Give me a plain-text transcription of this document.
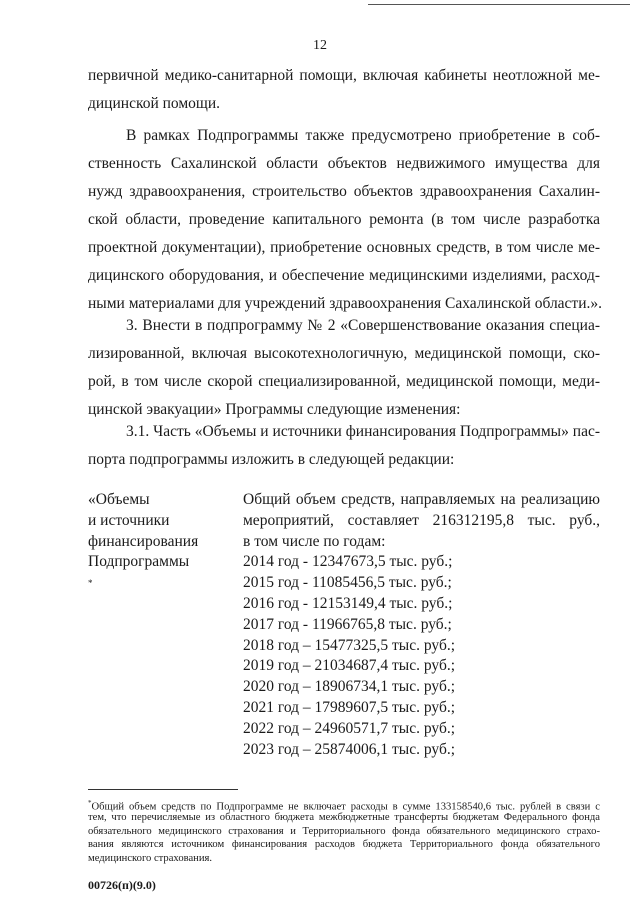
12
первичной медико-санитарной помощи, включая кабинеты неотложной ме-
дицинской помощи.
В рамках Подпрограммы также предусмотрено приобретение в соб-
ственность Сахалинской области объектов недвижимого имущества для
нужд здравоохранения, строительство объектов здравоохранения Сахалин-
ской области, проведение капитального ремонта (в том числе разработка
проектной документации), приобретение основных средств, в том числе ме-
дицинского оборудования, и обеспечение медицинскими изделиями, расход-
ными материалами для учреждений здравоохранения Сахалинской области.».
3. Внести в подпрограмму № 2 «Совершенствование оказания специа-
лизированной, включая высокотехнологичную, медицинской помощи, ско-
рой, в том числе скорой специализированной, медицинской помощи, меди-
цинской эвакуации» Программы следующие изменения:
3.1. Часть «Объемы и источники финансирования Подпрограммы» пас-
порта подпрограммы изложить в следующей редакции:
«Объемы
и источники
финансирования
Подпрограммы
*
Общий объем средств, направляемых на реализацию
мероприятий, составляет 216312195,8 тыс. руб.,
в том числе по годам:
2014 год - 12347673,5 тыс. руб.;
2015 год - 11085456,5 тыс. руб.;
2016 год - 12153149,4 тыс. руб.;
2017 год - 11966765,8 тыс. руб.;
2018 год – 15477325,5 тыс. руб.;
2019 год – 21034687,4 тыс. руб.;
2020 год – 18906734,1 тыс. руб.;
2021 год – 17989607,5 тыс. руб.;
2022 год – 24960571,7 тыс. руб.;
2023 год – 25874006,1 тыс. руб.;
*Общий объем средств по Подпрограмме не включает расходы в сумме 133158540,6 тыс. рублей в связи с
тем, что перечисляемые из областного бюджета межбюджетные трансферты бюджетам Федерального фонда
обязательного медицинского страхования и Территориального фонда обязательного медицинского страхо-
вания являются источником финансирования расходов бюджета Территориального фонда обязательного
медицинского страхования.
00726(п)(9.0)
